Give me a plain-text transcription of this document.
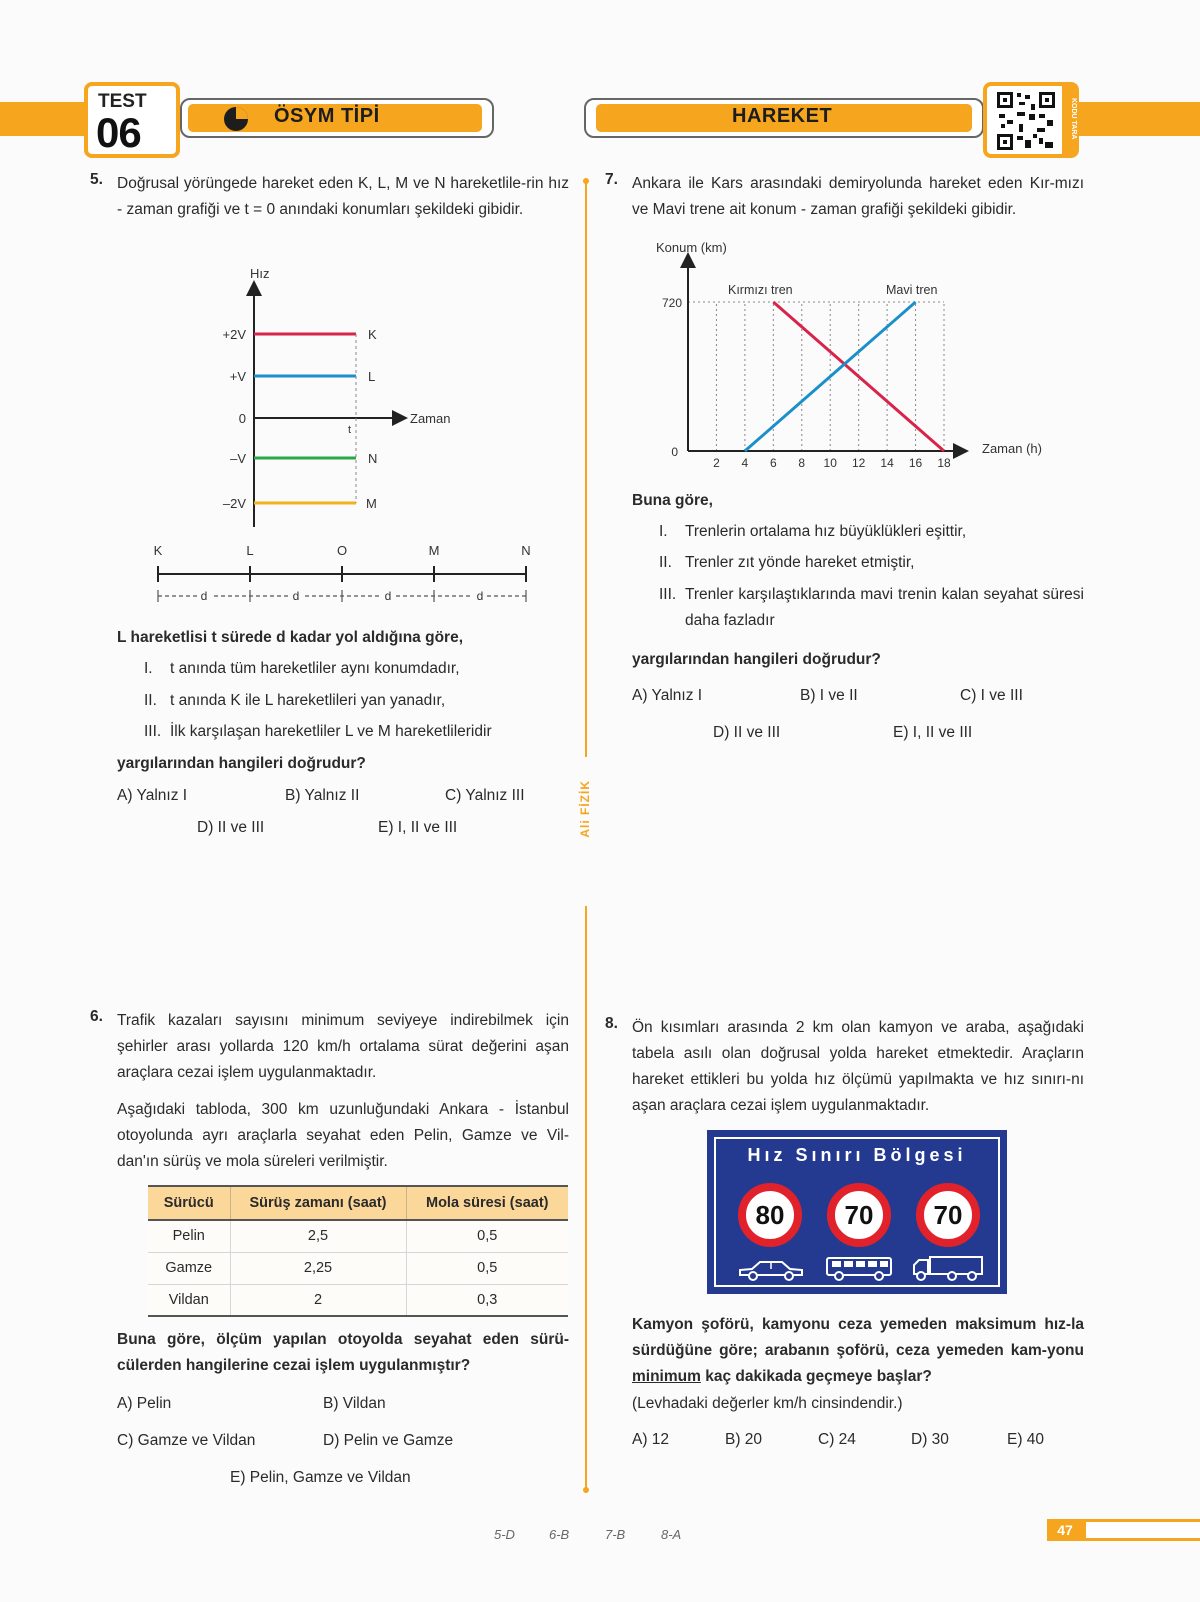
TEST
06	ÖSYM TİPİ	HAREKET	KODU TARA
Ali FİZİK
5. Doğrusal yörüngede hareket eden K, L, M ve N hareketlile-rin hız - zaman grafiği ve t = 0 anındaki konumları şekildeki gibidir.
Hız
Zaman
+2V
+V
0
–V
–2V
t
K
L
N
M
K	L	O	M	N
d	d	d	d
L hareketlisi t sürede d kadar yol aldığına göre,
I. t anında tüm hareketliler aynı konumdadır,
II. t anında K ile L hareketlileri yan yanadır,
III. İlk karşılaşan hareketliler L ve M hareketlileridir
yargılarından hangileri doğrudur?
A) Yalnız I	B) Yalnız II	C) Yalnız III
D) II ve III	E) I, II ve III
6. Trafik kazaları sayısını minimum seviyeye indirebilmek için şehirler arası yollarda 120 km/h ortalama sürat değerini aşan araçlara cezai işlem uygulanmaktadır.
Aşağıdaki tabloda, 300 km uzunluğundaki Ankara - İstanbul otoyolunda ayrı araçlarla seyahat eden Pelin, Gamze ve Vil-dan'ın sürüş ve mola süreleri verilmiştir.
Sürücü	Sürüş zamanı (saat)	Mola süresi (saat)
Pelin	2,5	0,5
Gamze	2,25	0,5
Vildan	2	0,3
Buna göre, ölçüm yapılan otoyolda seyahat eden sürü-cülerden hangilerine cezai işlem uygulanmıştır?
A) Pelin	B) Vildan
C) Gamze ve Vildan	D) Pelin ve Gamze
E) Pelin, Gamze ve Vildan
7. Ankara ile Kars arasındaki demiryolunda hareket eden Kır-mızı ve Mavi trene ait konum - zaman grafiği şekildeki gibidir.
Konum (km)
Zaman (h)
720
0
2 4 6 8 10 12 14 16 18
Kırmızı tren	Mavi tren
Buna göre,
I. Trenlerin ortalama hız büyüklükleri eşittir,
II. Trenler zıt yönde hareket etmiştir,
III. Trenler karşılaştıklarında mavi trenin kalan seyahat süresi daha fazladır
yargılarından hangileri doğrudur?
A) Yalnız I	B) I ve II	C) I ve III
D) II ve III	E) I, II ve III
8. Ön kısımları arasında 2 km olan kamyon ve araba, aşağıdaki tabela asılı olan doğrusal yolda hareket etmektedir. Araçların hareket ettikleri bu yolda hız ölçümü yapılmakta ve hız sınırı-nı aşan araçlara cezai işlem uygulanmaktadır.
Hız Sınırı Bölgesi
80	70	70
Kamyon şoförü, kamyonu ceza yemeden maksimum hız-la sürdüğüne göre; arabanın şoförü, ceza yemeden kam-yonu minimum kaç dakikada geçmeye başlar?
(Levhadaki değerler km/h cinsindendir.)
A) 12	B) 20	C) 24	D) 30	E) 40
5-D	6-B	7-B	8-A	47
